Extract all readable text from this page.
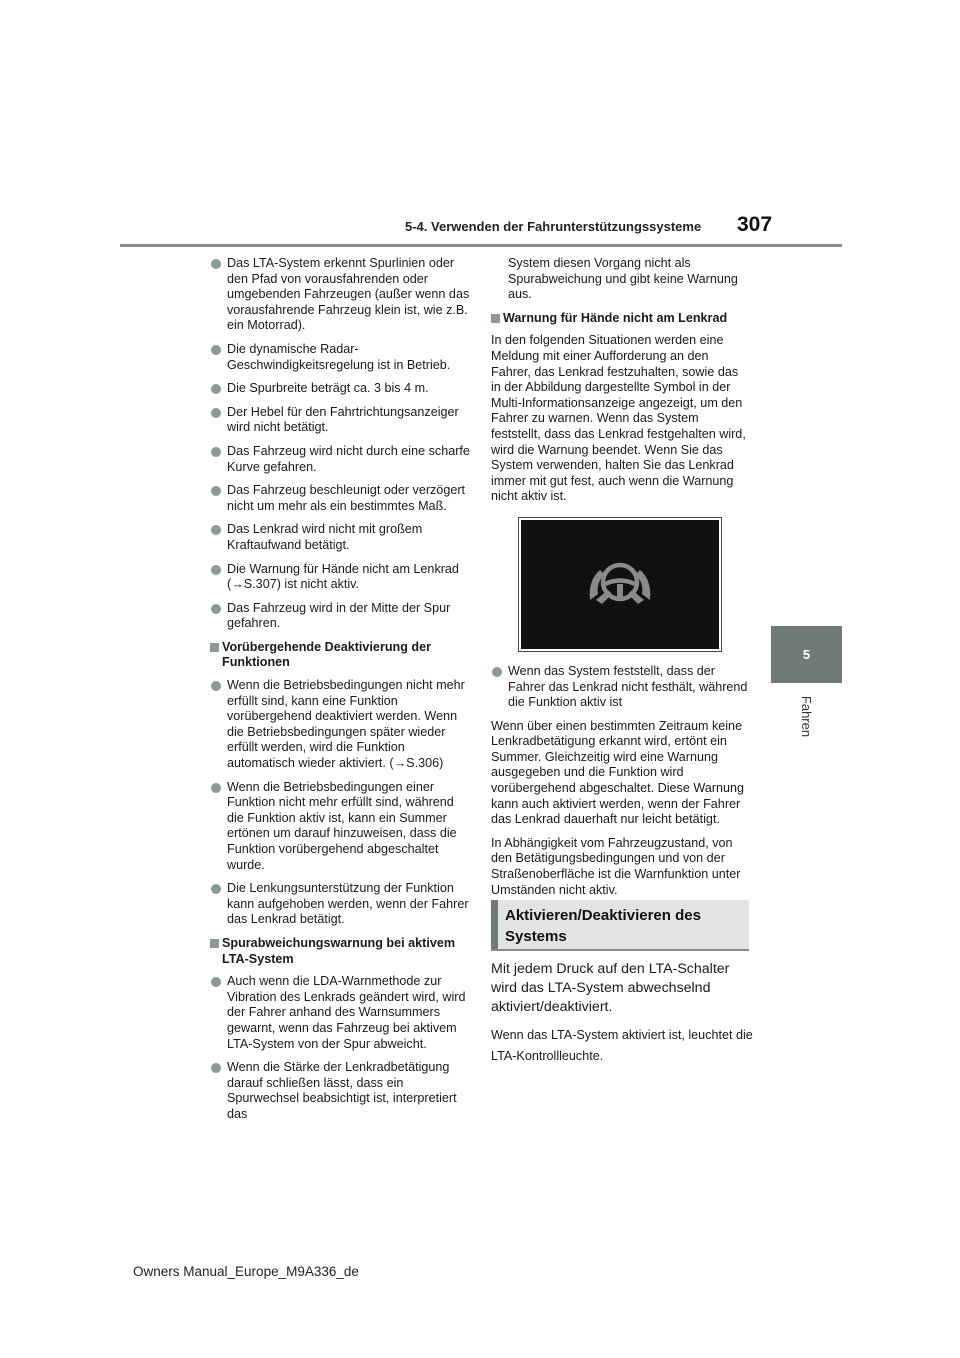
5-4. Verwenden der Fahrunterstützungssysteme 307
5
Fahren
Das LTA-System erkennt Spurlinien oder den Pfad von vorausfahrenden oder umgebenden Fahrzeugen (außer wenn das vorausfahrende Fahrzeug klein ist, wie z.B. ein Motorrad).
Die dynamische Radar-Geschwindigkeitsregelung ist in Betrieb.
Die Spurbreite beträgt ca. 3 bis 4 m.
Der Hebel für den Fahrtrichtungsanzeiger wird nicht betätigt.
Das Fahrzeug wird nicht durch eine scharfe Kurve gefahren.
Das Fahrzeug beschleunigt oder verzögert nicht um mehr als ein bestimmtes Maß.
Das Lenkrad wird nicht mit großem Kraftaufwand betätigt.
Die Warnung für Hände nicht am Lenkrad (→S.307) ist nicht aktiv.
Das Fahrzeug wird in der Mitte der Spur gefahren.
Vorübergehende Deaktivierung der Funktionen
Wenn die Betriebsbedingungen nicht mehr erfüllt sind, kann eine Funktion vorübergehend deaktiviert werden. Wenn die Betriebsbedingungen später wieder erfüllt werden, wird die Funktion automatisch wieder aktiviert. (→S.306)
Wenn die Betriebsbedingungen einer Funktion nicht mehr erfüllt sind, während die Funktion aktiv ist, kann ein Summer ertönen um darauf hinzuweisen, dass die Funktion vorübergehend abgeschaltet wurde.
Die Lenkungsunterstützung der Funktion kann aufgehoben werden, wenn der Fahrer das Lenkrad betätigt.
Spurabweichungswarnung bei aktivem LTA-System
Auch wenn die LDA-Warnmethode zur Vibration des Lenkrads geändert wird, wird der Fahrer anhand des Warnsummers gewarnt, wenn das Fahrzeug bei aktivem LTA-System von der Spur abweicht.
Wenn die Stärke der Lenkradbetätigung darauf schließen lässt, dass ein Spurwechsel beabsichtigt ist, interpretiert das
System diesen Vorgang nicht als Spurabweichung und gibt keine Warnung aus.
Warnung für Hände nicht am Lenkrad
In den folgenden Situationen werden eine Meldung mit einer Aufforderung an den Fahrer, das Lenkrad festzuhalten, sowie das in der Abbildung dargestellte Symbol in der Multi-Informationsanzeige angezeigt, um den Fahrer zu warnen. Wenn das System feststellt, dass das Lenkrad festgehalten wird, wird die Warnung beendet. Wenn Sie das System verwenden, halten Sie das Lenkrad immer mit gut fest, auch wenn die Warnung nicht aktiv ist.
Wenn das System feststellt, dass der Fahrer das Lenkrad nicht festhält, während die Funktion aktiv ist
Wenn über einen bestimmten Zeitraum keine Lenkradbetätigung erkannt wird, ertönt ein Summer. Gleichzeitig wird eine Warnung ausgegeben und die Funktion wird vorübergehend abgeschaltet. Diese Warnung kann auch aktiviert werden, wenn der Fahrer das Lenkrad dauerhaft nur leicht betätigt.
In Abhängigkeit vom Fahrzeugzustand, von den Betätigungsbedingungen und von der Straßenoberfläche ist die Warnfunktion unter Umständen nicht aktiv.
Aktivieren/Deaktivieren des Systems
Mit jedem Druck auf den LTA-Schalter wird das LTA-System abwechselnd aktiviert/deaktiviert.
Wenn das LTA-System aktiviert ist, leuchtet die LTA-Kontrollleuchte.
Owners Manual_Europe_M9A336_de
